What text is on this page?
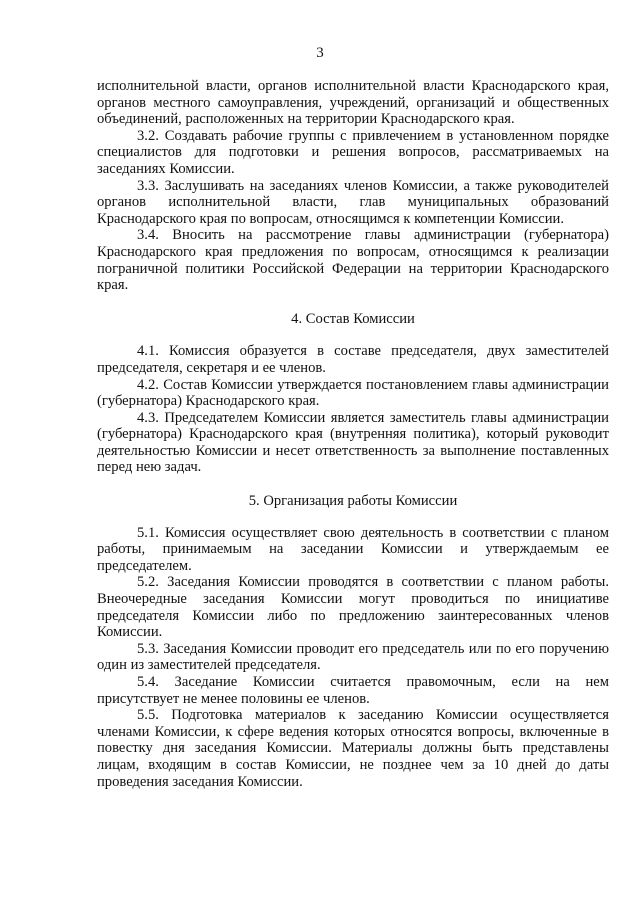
3

исполнительной власти, органов исполнительной власти Краснодарского края, органов местного самоуправления, учреждений, организаций и общественных объединений, расположенных на территории Краснодарского края.

3.2. Создавать рабочие группы с привлечением в установленном порядке специалистов для подготовки и решения вопросов, рассматриваемых на заседаниях Комиссии.

3.3. Заслушивать на заседаниях членов Комиссии, а также руководителей органов исполнительной власти, глав муниципальных образований Краснодарского края по вопросам, относящимся к компетенции Комиссии.

3.4. Вносить на рассмотрение главы администрации (губернатора) Краснодарского края предложения по вопросам, относящимся к реализации пограничной политики Российской Федерации на территории Краснодарского края.

4. Состав Комиссии

4.1. Комиссия образуется в составе председателя, двух заместителей председателя, секретаря и ее членов.

4.2. Состав Комиссии утверждается постановлением главы администрации (губернатора) Краснодарского края.

4.3. Председателем Комиссии является заместитель главы администрации (губернатора) Краснодарского края (внутренняя политика), который руководит деятельностью Комиссии и несет ответственность за выполнение поставленных перед нею задач.

5. Организация работы Комиссии

5.1. Комиссия осуществляет свою деятельность в соответствии с планом работы, принимаемым на заседании Комиссии и утверждаемым ее председателем.

5.2. Заседания Комиссии проводятся в соответствии с планом работы. Внеочередные заседания Комиссии могут проводиться по инициативе председателя Комиссии либо по предложению заинтересованных членов Комиссии.

5.3. Заседания Комиссии проводит его председатель или по его поручению один из заместителей председателя.

5.4. Заседание Комиссии считается правомочным, если на нем присутствует не менее половины ее членов.

5.5. Подготовка материалов к заседанию Комиссии осуществляется членами Комиссии, к сфере ведения которых относятся вопросы, включенные в повестку дня заседания Комиссии. Материалы должны быть представлены лицам, входящим в состав Комиссии, не позднее чем за 10 дней до даты проведения заседания Комиссии.
